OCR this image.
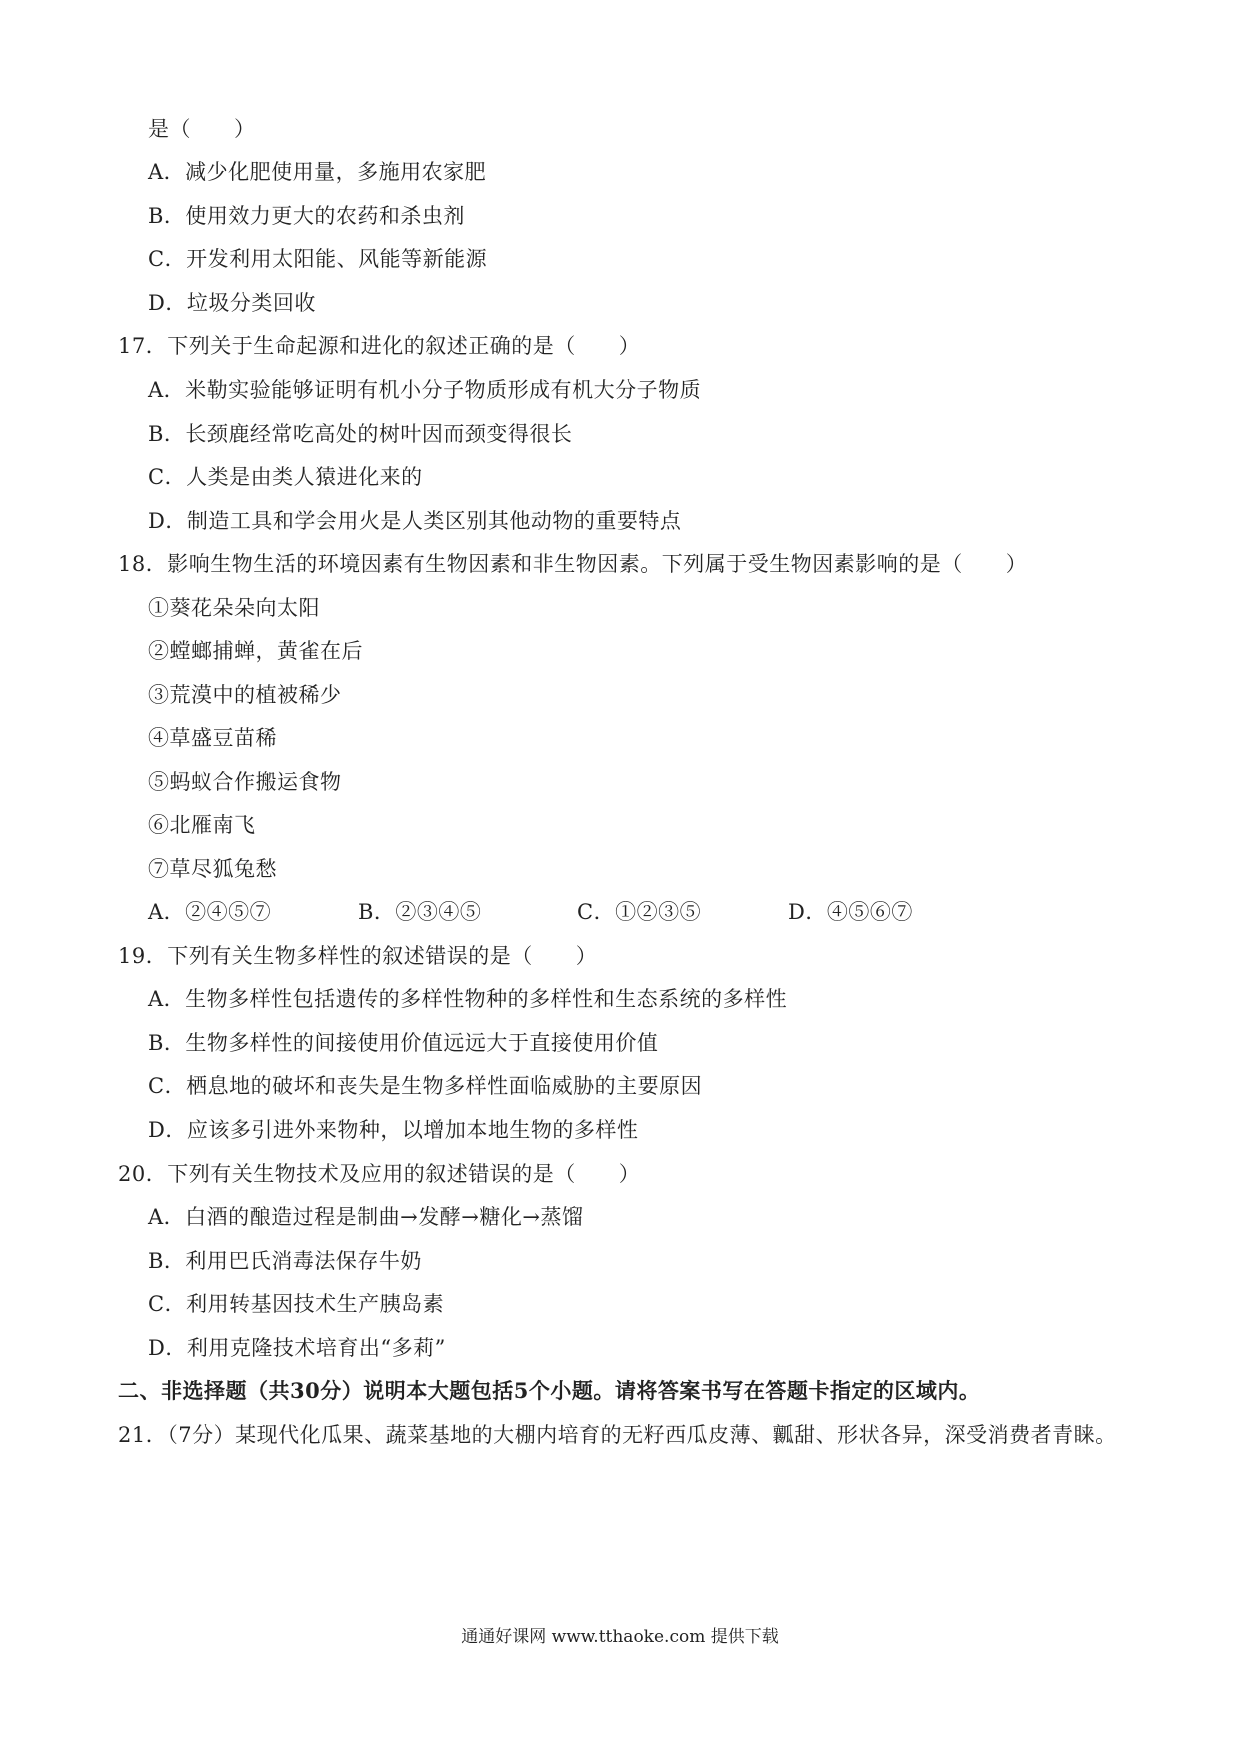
是（　　）
A．减少化肥使用量，多施用农家肥
B．使用效力更大的农药和杀虫剂
C．开发利用太阳能、风能等新能源
D．垃圾分类回收
17．下列关于生命起源和进化的叙述正确的是（　　）
A．米勒实验能够证明有机小分子物质形成有机大分子物质
B．长颈鹿经常吃高处的树叶因而颈变得很长
C．人类是由类人猿进化来的
D．制造工具和学会用火是人类区别其他动物的重要特点
18．影响生物生活的环境因素有生物因素和非生物因素。下列属于受生物因素影响的是（　　）
①葵花朵朵向太阳
②螳螂捕蝉，黄雀在后
③荒漠中的植被稀少
④草盛豆苗稀
⑤蚂蚁合作搬运食物
⑥北雁南飞
⑦草尽狐兔愁
A．②④⑤⑦	B．②③④⑤	C．①②③⑤	D．④⑤⑥⑦
19．下列有关生物多样性的叙述错误的是（　　）
A．生物多样性包括遗传的多样性物种的多样性和生态系统的多样性
B．生物多样性的间接使用价值远远大于直接使用价值
C．栖息地的破坏和丧失是生物多样性面临威胁的主要原因
D．应该多引进外来物种，以增加本地生物的多样性
20．下列有关生物技术及应用的叙述错误的是（　　）
A．白酒的酿造过程是制曲→发酵→糖化→蒸馏
B．利用巴氏消毒法保存牛奶
C．利用转基因技术生产胰岛素
D．利用克隆技术培育出“多莉”
二、非选择题（共30分）说明本大题包括5个小题。请将答案书写在答题卡指定的区域内。
21．（7分）某现代化瓜果、蔬菜基地的大棚内培育的无籽西瓜皮薄、瓤甜、形状各异，深受消费者青睐。
通通好课网 www.tthaoke.com 提供下载
